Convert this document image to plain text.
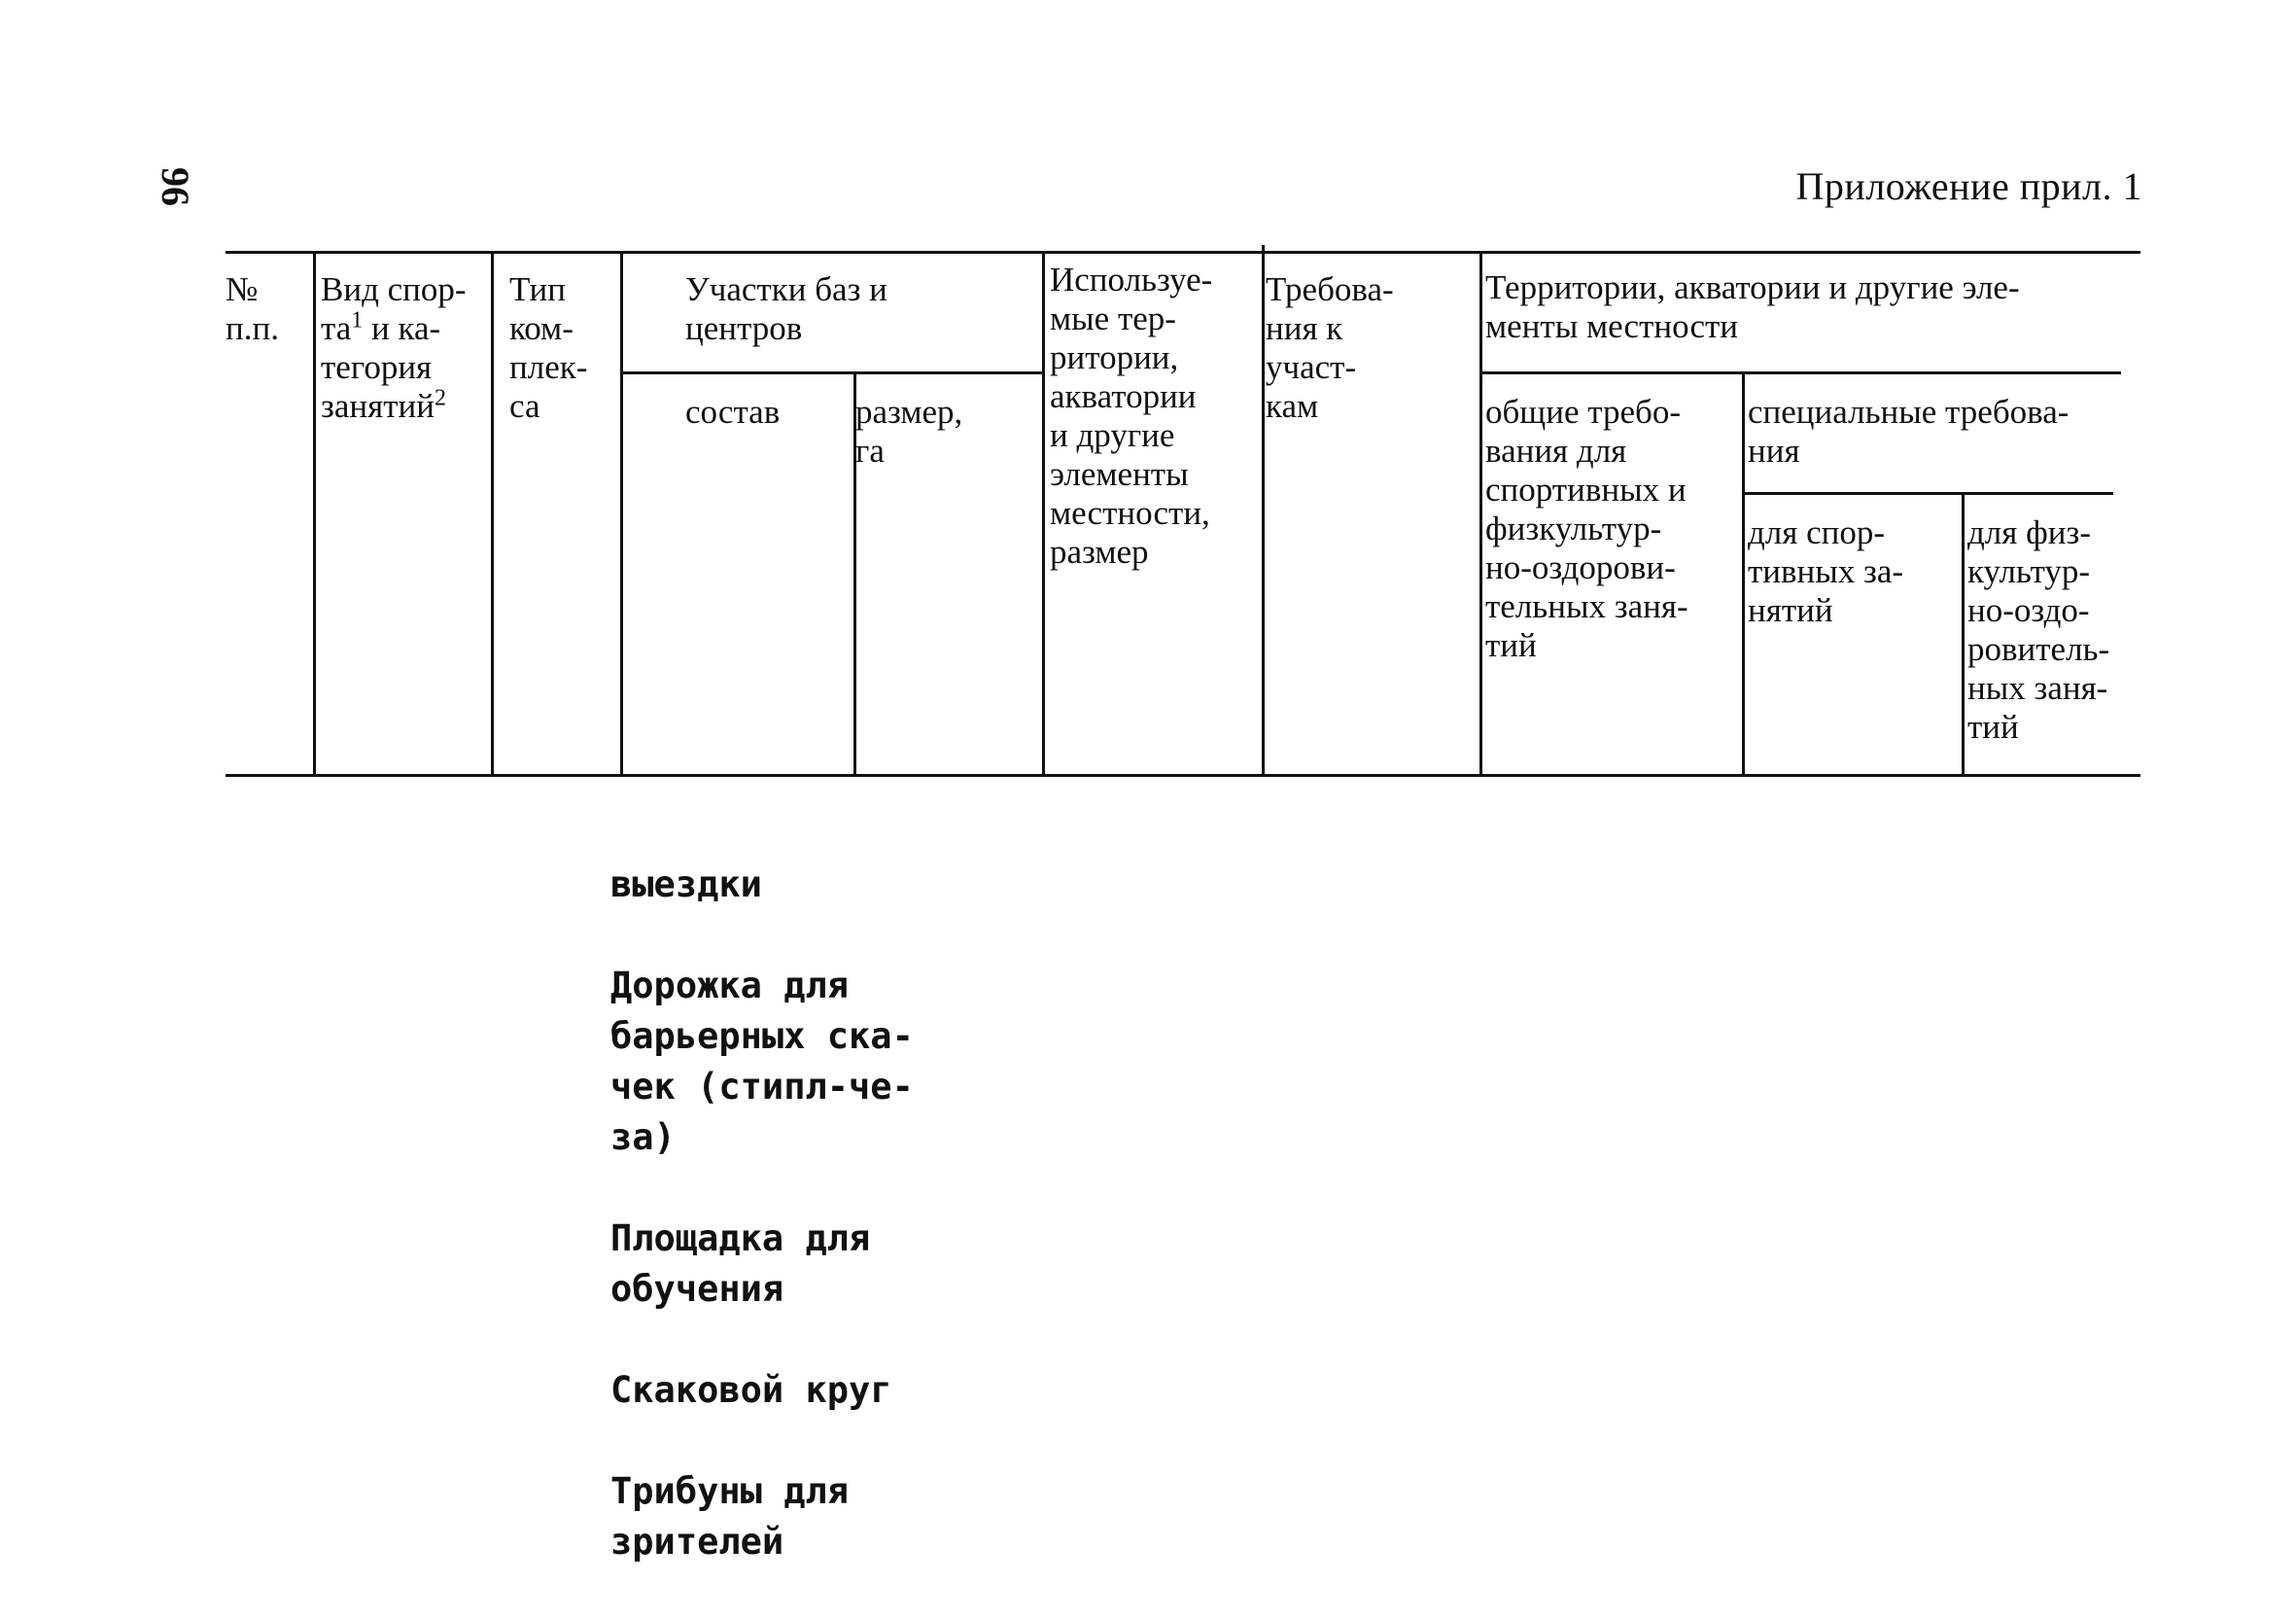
96	Приложение прил. 1
№
п.п.
Вид спор-
$та^1$ и ка-
тегория
занятий$^2$
Тип
ком-
плек-
са
Участки баз и
центров
состав размер,
га
Используе-
мые тер-
ритории,
акватории
и другие
элементы
местности,
размер
Требова-
ния к
участ-
кам
Территории, акватории и другие эле-
менты местности
общие требо-
вания для
спортивных и
физкультур-
но-оздорови-
тельных заня-
тий
специальные требова-
ния
для спор-
тивных за-
нятий
для физ-
культур-
но-оздо-
ровитель-
ных заня-
тий

выездки

Дорожка для
барьерных ска-
чек (стипл-че-
за)

Площадка для
обучения

Скаковой круг

Трибуны для
зрителей
